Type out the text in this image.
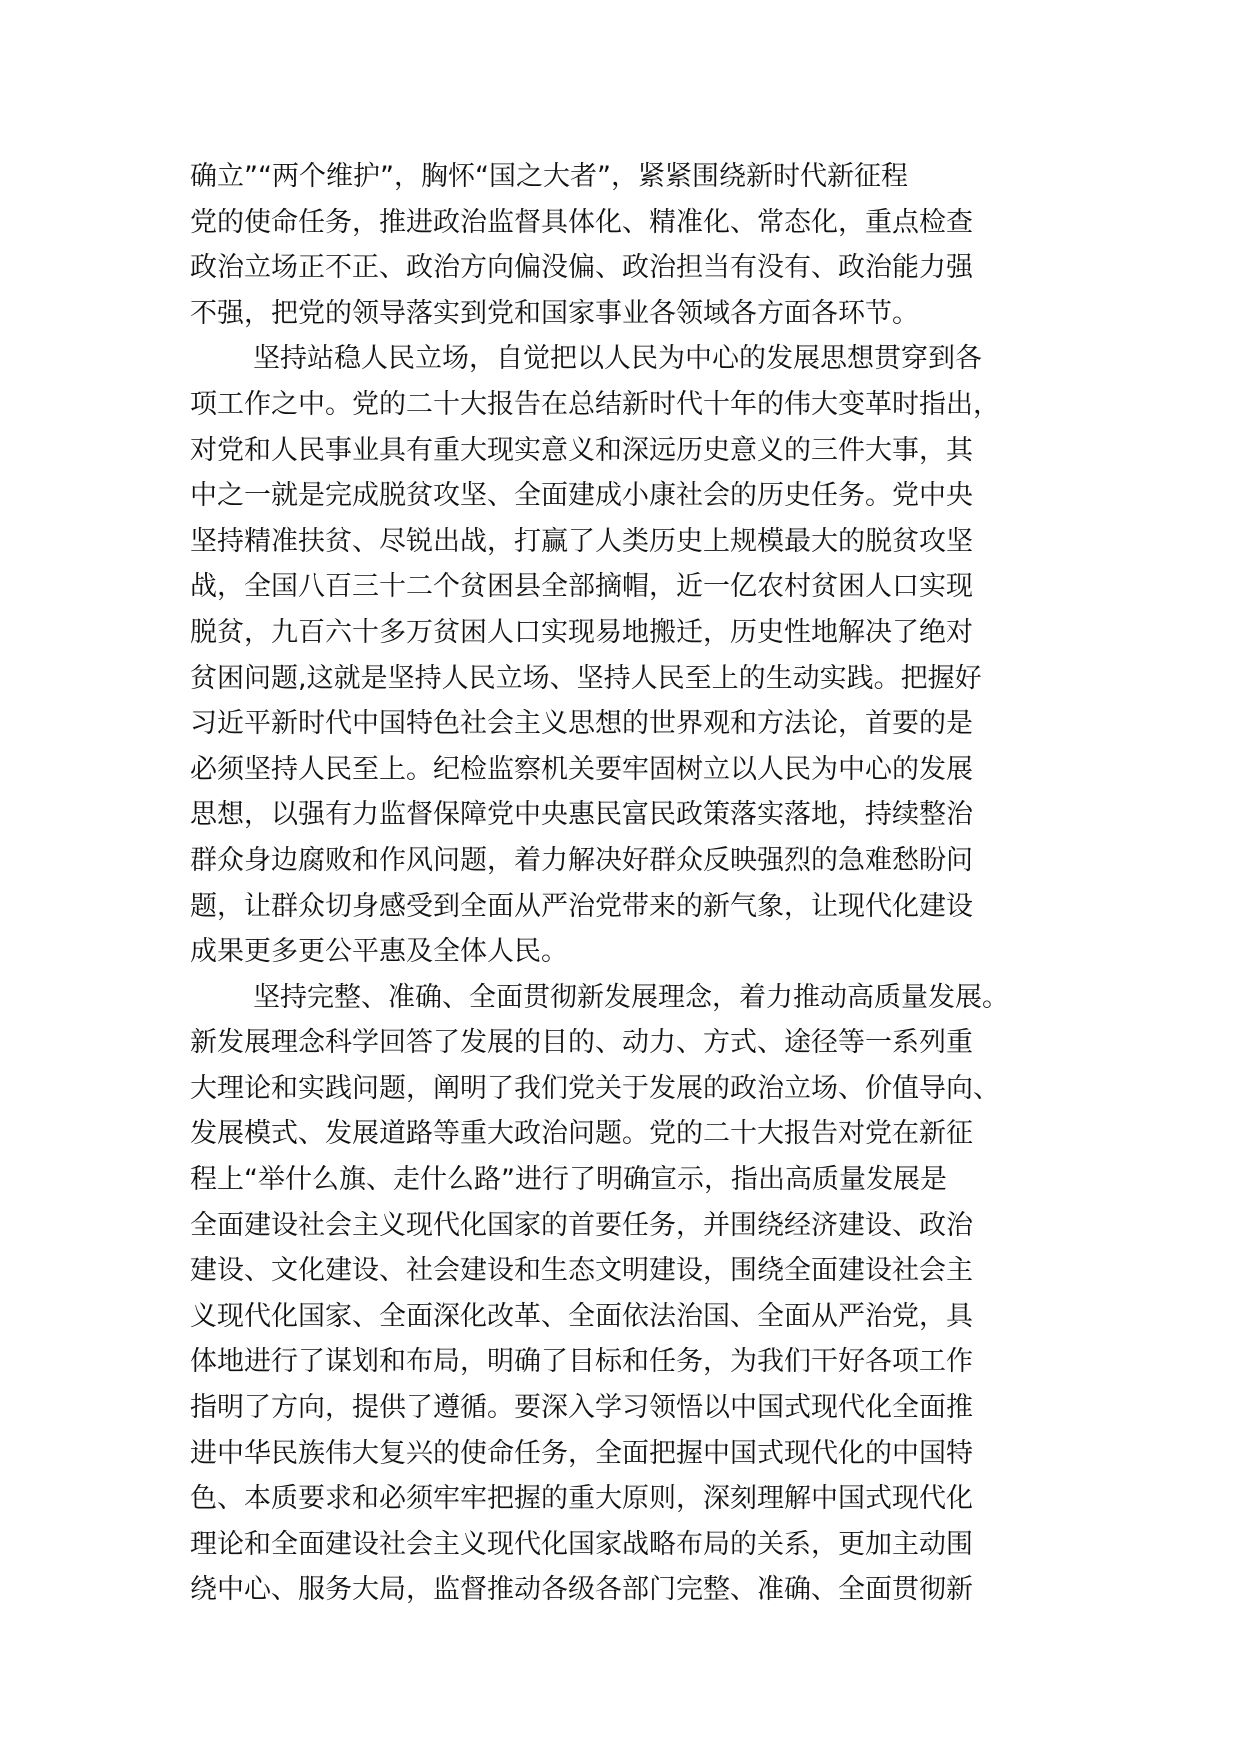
确立”“两个维护”，胸怀“国之大者”，紧紧围绕新时代新征程
党的使命任务，推进政治监督具体化、精准化、常态化，重点检查
政治立场正不正、政治方向偏没偏、政治担当有没有、政治能力强
不强，把党的领导落实到党和国家事业各领域各方面各环节。

坚持站稳人民立场，自觉把以人民为中心的发展思想贯穿到各
项工作之中。党的二十大报告在总结新时代十年的伟大变革时指出，
对党和人民事业具有重大现实意义和深远历史意义的三件大事，其
中之一就是完成脱贫攻坚、全面建成小康社会的历史任务。党中央
坚持精准扶贫、尽锐出战，打赢了人类历史上规模最大的脱贫攻坚
战，全国八百三十二个贫困县全部摘帽，近一亿农村贫困人口实现
脱贫，九百六十多万贫困人口实现易地搬迁，历史性地解决了绝对
贫困问题,这就是坚持人民立场、坚持人民至上的生动实践。把握好
习近平新时代中国特色社会主义思想的世界观和方法论，首要的是
必须坚持人民至上。纪检监察机关要牢固树立以人民为中心的发展
思想，以强有力监督保障党中央惠民富民政策落实落地，持续整治
群众身边腐败和作风问题，着力解决好群众反映强烈的急难愁盼问
题，让群众切身感受到全面从严治党带来的新气象，让现代化建设
成果更多更公平惠及全体人民。

坚持完整、准确、全面贯彻新发展理念，着力推动高质量发展。
新发展理念科学回答了发展的目的、动力、方式、途径等一系列重
大理论和实践问题，阐明了我们党关于发展的政治立场、价值导向、
发展模式、发展道路等重大政治问题。党的二十大报告对党在新征
程上“举什么旗、走什么路”进行了明确宣示，指出高质量发展是
全面建设社会主义现代化国家的首要任务，并围绕经济建设、政治
建设、文化建设、社会建设和生态文明建设，围绕全面建设社会主
义现代化国家、全面深化改革、全面依法治国、全面从严治党，具
体地进行了谋划和布局，明确了目标和任务，为我们干好各项工作
指明了方向，提供了遵循。要深入学习领悟以中国式现代化全面推
进中华民族伟大复兴的使命任务，全面把握中国式现代化的中国特
色、本质要求和必须牢牢把握的重大原则，深刻理解中国式现代化
理论和全面建设社会主义现代化国家战略布局的关系，更加主动围
绕中心、服务大局，监督推动各级各部门完整、准确、全面贯彻新
